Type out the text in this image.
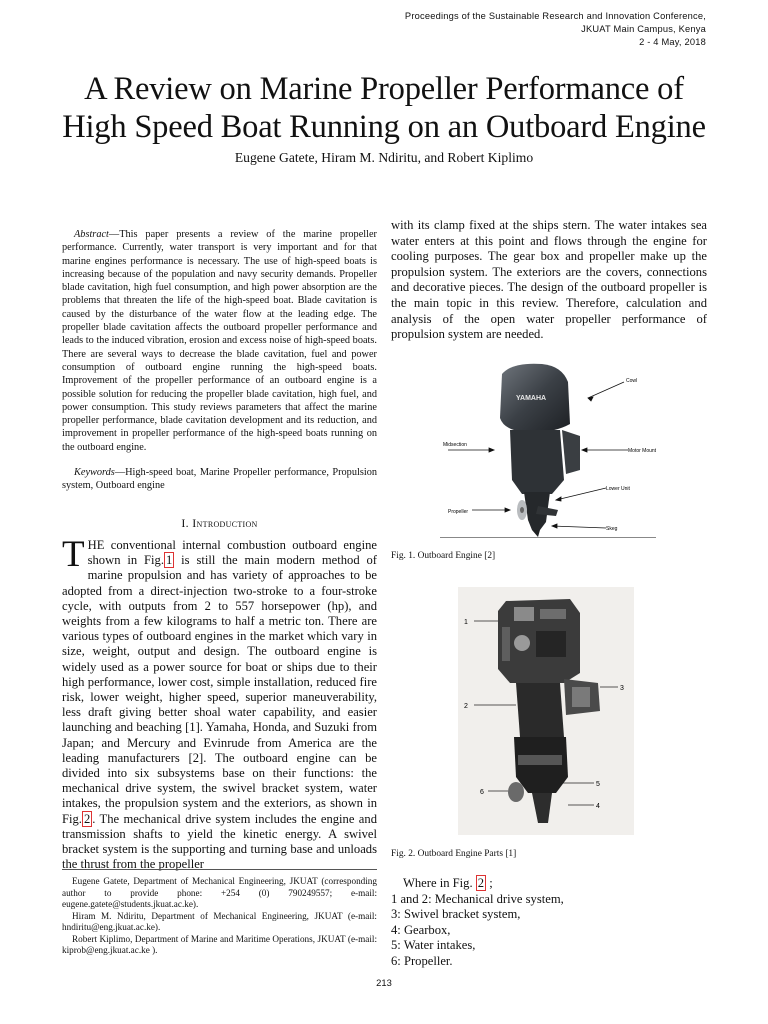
Proceedings of the Sustainable Research and Innovation Conference,
JKUAT Main Campus, Kenya
2 - 4 May, 2018
A Review on Marine Propeller Performance of
High Speed Boat Running on an Outboard Engine
Eugene Gatete, Hiram M. Ndiritu, and Robert Kiplimo
Abstract—This paper presents a review of the marine propeller performance. Currently, water transport is very important and for that marine engines performance is necessary. The use of high-speed boats is increasing because of the population and navy security demands. Propeller blade cavitation, high fuel consumption, and high power absorption are the problems that threaten the life of the high-speed boat. Blade cavitation is caused by the disturbance of the water flow at the leading edge. The propeller blade cavitation affects the outboard propeller performance and leads to the induced vibration, erosion and excess noise of high-speed boats. There are several ways to decrease the blade cavitation, fuel and power consumption of outboard engine running the high-speed boats. Improvement of the propeller performance of an outboard engine is a possible solution for reducing the propeller blade cavitation, high fuel, and power consumption. This study reviews parameters that affect the marine propeller performance, blade cavitation development and its reduction, and improvement in propeller performance of the high-speed boats running on the outboard engine.
Keywords—High-speed boat, Marine Propeller performance, Propulsion system, Outboard engine
I. Introduction
THE conventional internal combustion outboard engine shown in Fig. 1 is still the main modern method of marine propulsion and has variety of approaches to be adopted from a direct-injection two-stroke to a four-stroke cycle, with outputs from 2 to 557 horsepower (hp), and weights from a few kilograms to half a metric ton. There are various types of outboard engines in the market which vary in size, weight, output and design. The outboard engine is widely used as a power source for boat or ships due to their high performance, lower cost, simple installation, reduced fire risk, lower weight, higher speed, superior maneuverability, less draft giving better shoal water capability, and easier launching and beaching [1]. Yamaha, Honda, and Suzuki from Japan; and Mercury and Evinrude from America are the leading manufacturers [2]. The outboard engine can be divided into six subsystems base on their functions: the mechanical drive system, the swivel bracket system, water intakes, the propulsion system and the exteriors, as shown in Fig. 2 . The mechanical drive system includes the engine and transmission shafts to yield the kinetic energy. A swivel bracket system is the supporting and turning base and unloads the thrust from the propeller

Eugene Gatete, Department of Mechanical Engineering, JKUAT (corresponding author to provide phone: +254 (0) 790249557; e-mail: eugene.gatete@students.jkuat.ac.ke).

Hiram M. Ndiritu, Department of Mechanical Engineering, JKUAT (e-mail: hndiritu@eng.jkuat.ac.ke).

Robert Kiplimo, Department of Marine and Maritime Operations, JKUAT (e-mail: kiprob@eng.jkuat.ac.ke ).

with its clamp fixed at the ships stern. The water intakes sea water enters at this point and flows through the engine for cooling purposes. The gear box and propeller make up the propulsion system. The exteriors are the covers, connections and decorative pieces. The design of the outboard propeller is the main topic in this review. Therefore, calculation and analysis of the open water propeller performance of propulsion system are needed.
YAMAHA
Cowl
Midsection
Motor Mount
Lower Unit
Propeller
Skeg
Fig. 1. Outboard Engine [2]
1
2
3
4
5
6
Fig. 2. Outboard Engine Parts [1]
Where in Fig. 2 ;
1 and 2: Mechanical drive system,
3: Swivel bracket system,
4: Gearbox,
5: Water intakes,
6: Propeller.
213
